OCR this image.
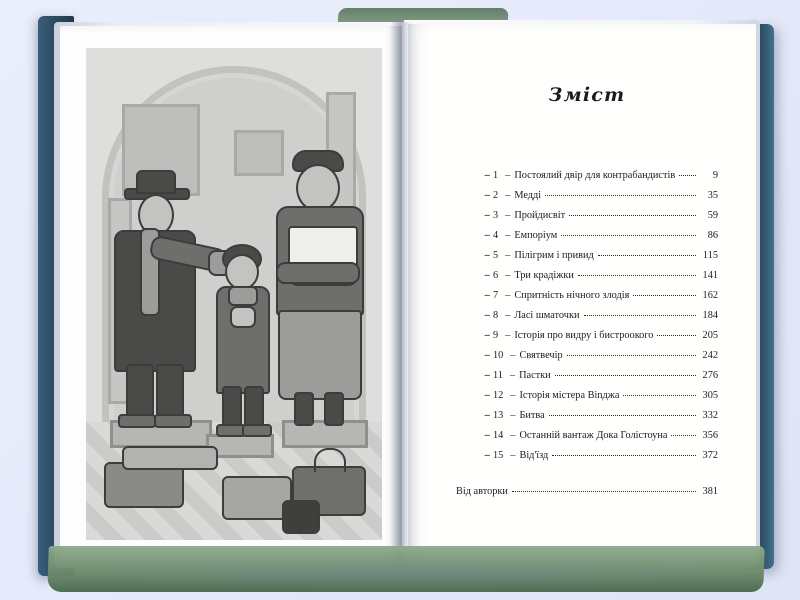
Зміст
– 1 – Постоялий двір для контрабандистів	9
– 2 – Медді	35
– 3 – Пройдисвіт	59
– 4 – Емпоріум	86
– 5 – Пілігрим і привид	115
– 6 – Три крадіжки	141
– 7 – Спритність нічного злодія	162
– 8 – Ласі шматочки	184
– 9 – Історія про видру і бистроокого	205
– 10 – Святвечір	242
– 11 – Пастки	276
– 12 – Історія містера Віnджа	305
– 13 – Битва	332
– 14 – Останній вантаж Дока Голістоуна	356
– 15 – Від'їзд	372
Від авторки	381
